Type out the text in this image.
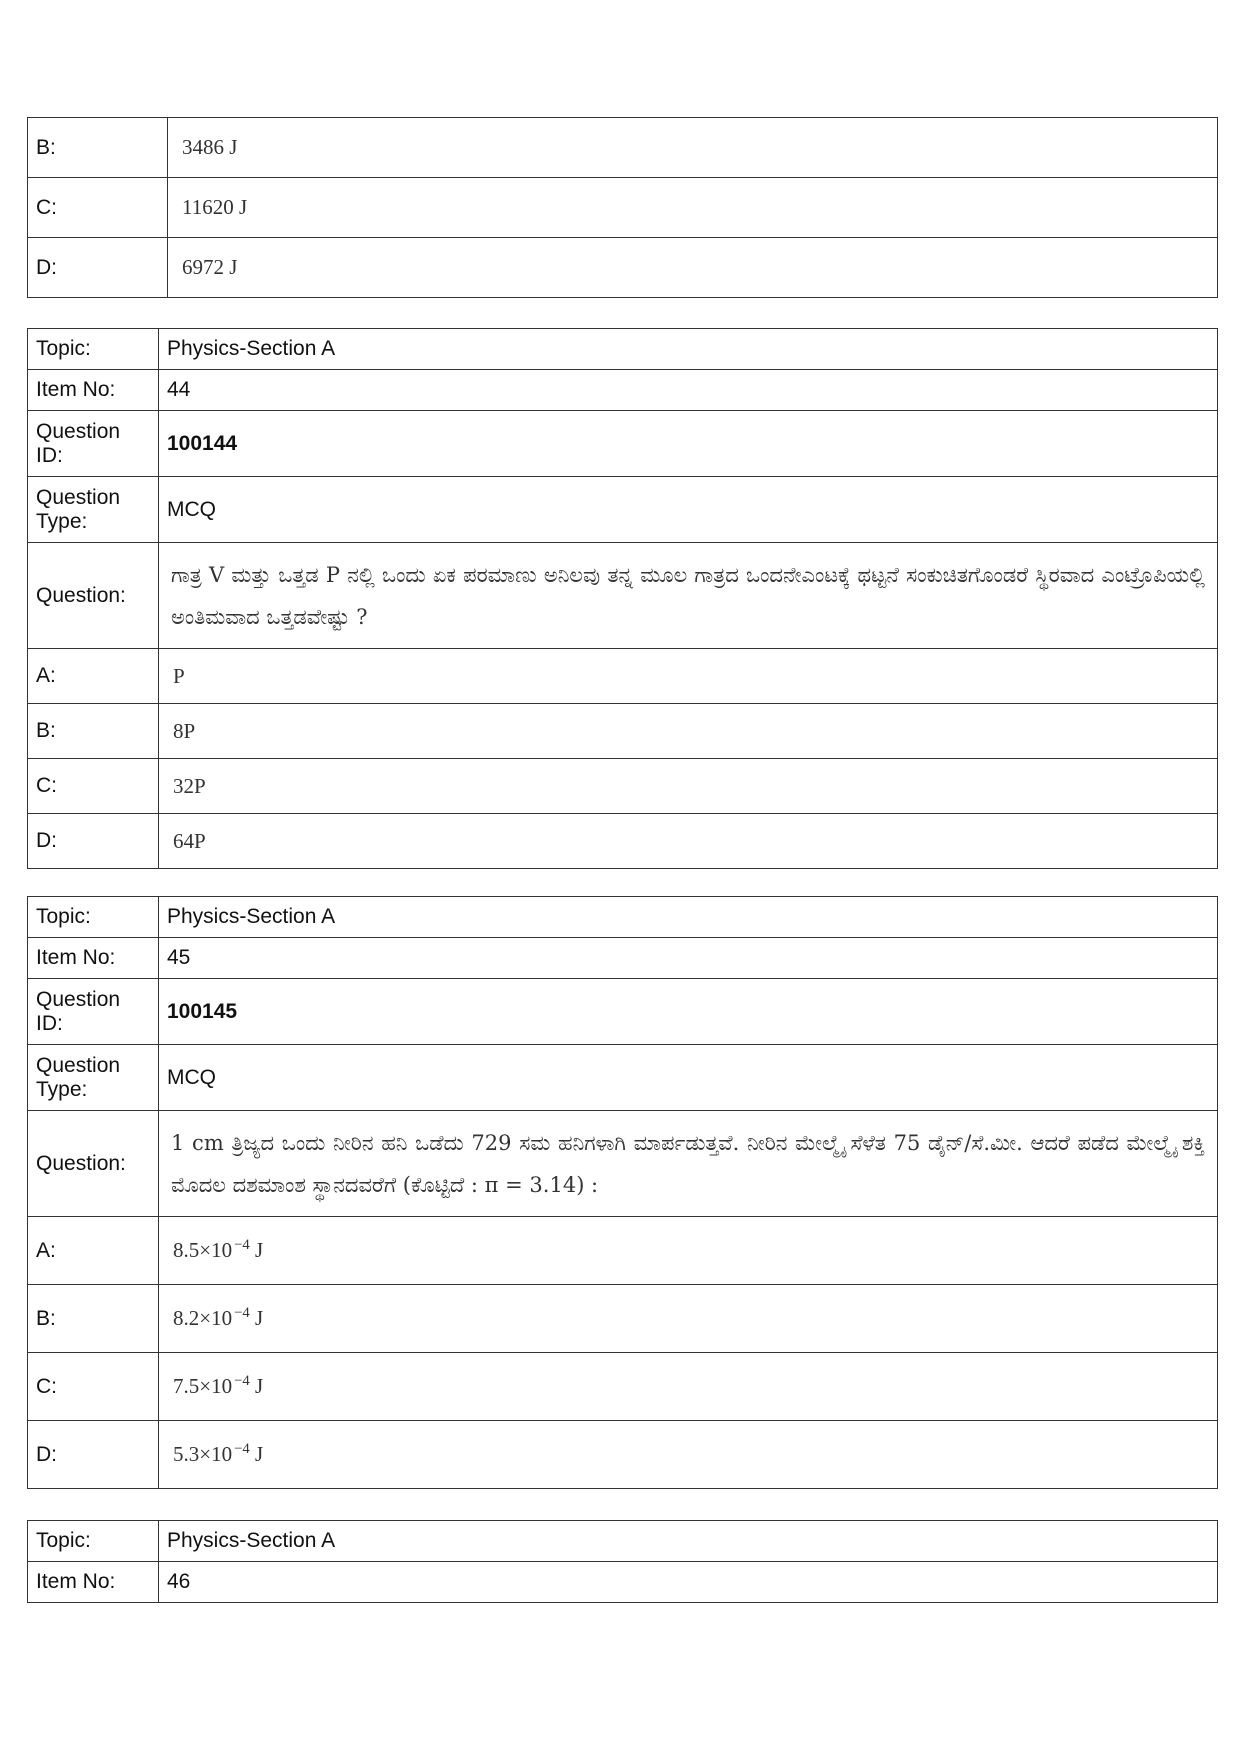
B:	3486 J
C:	11620 J
D:	6972 J
Topic:	Physics-Section A
Item No:	44
Question ID:	100144
Question Type:	MCQ
Question:	ಗಾತ್ರ V ಮತ್ತು ಒತ್ತಡ P ನಲ್ಲಿ ಒಂದು ಏಕ ಪರಮಾಣು ಅನಿಲವು ತನ್ನ ಮೂಲ ಗಾತ್ರದ ಒಂದನೇಎಂಟಕ್ಕೆ ಥಟ್ಟನೆ ಸಂಕುಚಿತಗೊಂಡರೆ ಸ್ಥಿರವಾದ ಎಂಟ್ರೊಪಿಯಲ್ಲಿ ಅಂತಿಮವಾದ ಒತ್ತಡವೇಷ್ಟು ?
A:	P
B:	8P
C:	32P
D:	64P
Topic:	Physics-Section A
Item No:	45
Question ID:	100145
Question Type:	MCQ
Question:	1 cm ತ್ರಿಜ್ಯದ ಒಂದು ನೀರಿನ ಹನಿ ಒಡೆದು 729 ಸಮ ಹನಿಗಳಾಗಿ ಮಾರ್ಪಡುತ್ತವೆ. ನೀರಿನ ಮೇಲ್ಮೈ ಸೆಳೆತ 75 ಡೈನ್/ಸೆ.ಮೀ. ಆದರೆ ಪಡೆದ ಮೇಲ್ಮೈ ಶಕ್ತಿ ಮೊದಲ ದಶಮಾಂಶ ಸ್ಥಾನದವರೆಗೆ (ಕೊಟ್ಟಿದೆ : π = 3.14) :
A:	8.5×10 $^{-4}$ J
B:	8.2×10 $^{-4}$ J
C:	7.5×10 $^{-4}$ J
D:	5.3×10 $^{-4}$ J
Topic:	Physics-Section A
Item No:	46
